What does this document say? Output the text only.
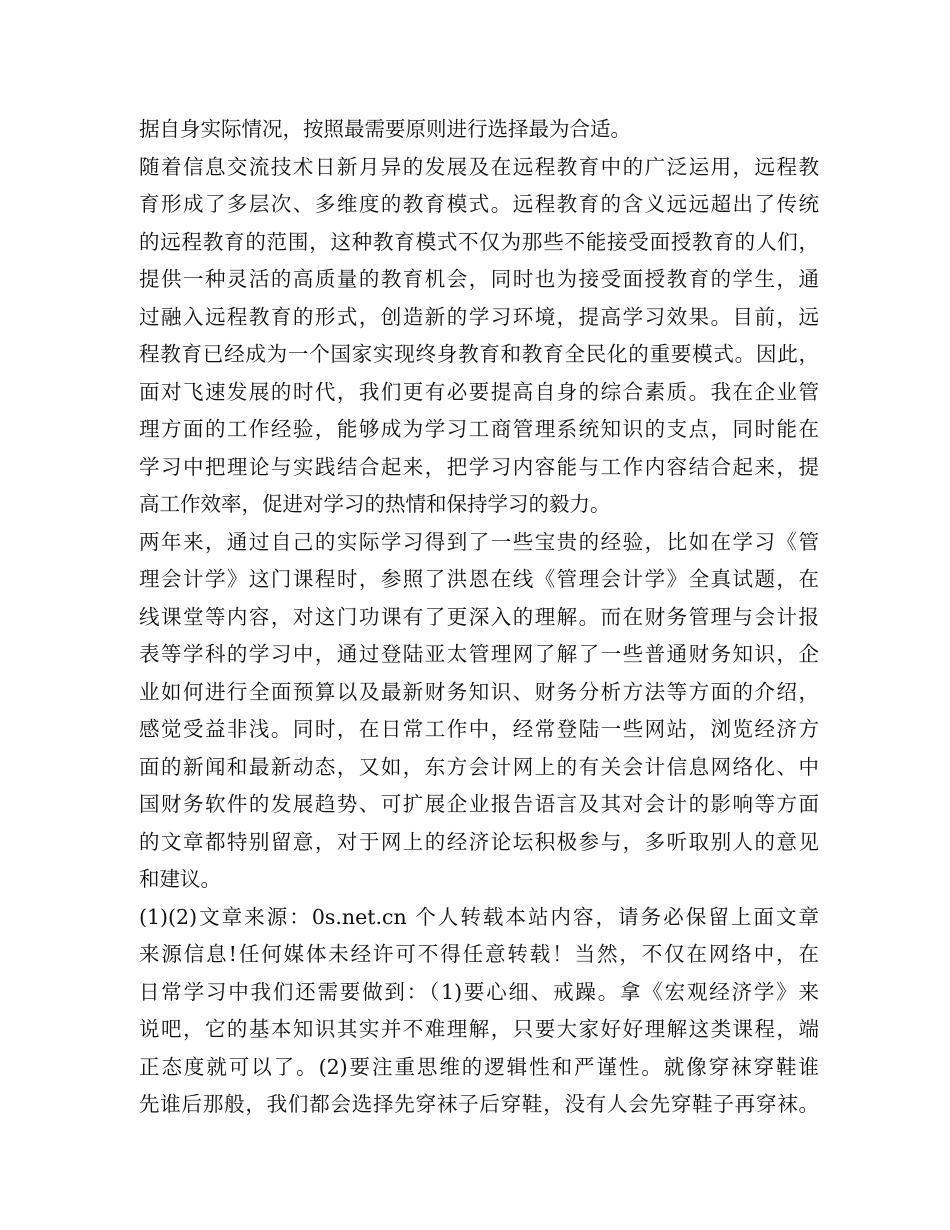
据自身实际情况，按照最需要原则进行选择最为合适。

随着信息交流技术日新月异的发展及在远程教育中的广泛运用，远程教

育形成了多层次、多维度的教育模式。远程教育的含义远远超出了传统

的远程教育的范围，这种教育模式不仅为那些不能接受面授教育的人们，

提供一种灵活的高质量的教育机会，同时也为接受面授教育的学生，通

过融入远程教育的形式，创造新的学习环境，提高学习效果。目前，远

程教育已经成为一个国家实现终身教育和教育全民化的重要模式。因此，

面对飞速发展的时代，我们更有必要提高自身的综合素质。我在企业管

理方面的工作经验，能够成为学习工商管理系统知识的支点，同时能在

学习中把理论与实践结合起来，把学习内容能与工作内容结合起来，提

高工作效率，促进对学习的热情和保持学习的毅力。

两年来，通过自己的实际学习得到了一些宝贵的经验，比如在学习《管

理会计学》这门课程时，参照了洪恩在线《管理会计学》全真试题，在

线课堂等内容，对这门功课有了更深入的理解。而在财务管理与会计报

表等学科的学习中，通过登陆亚太管理网了解了一些普通财务知识，企

业如何进行全面预算以及最新财务知识、财务分析方法等方面的介绍，

感觉受益非浅。同时，在日常工作中，经常登陆一些网站，浏览经济方

面的新闻和最新动态，又如，东方会计网上的有关会计信息网络化、中

国财务软件的发展趋势、可扩展企业报告语言及其对会计的影响等方面

的文章都特别留意，对于网上的经济论坛积极参与，多听取别人的意见

和建议。

(1)(2)文章来源：0s.net.cn 个人转载本站内容，请务必保留上面文章

来源信息!任何媒体未经许可不得任意转载！当然，不仅在网络中，在

日常学习中我们还需要做到：（1)要心细、戒躁。拿《宏观经济学》来

说吧，它的基本知识其实并不难理解，只要大家好好理解这类课程，端

正态度就可以了。(2)要注重思维的逻辑性和严谨性。就像穿袜穿鞋谁

先谁后那般，我们都会选择先穿袜子后穿鞋，没有人会先穿鞋子再穿袜。
